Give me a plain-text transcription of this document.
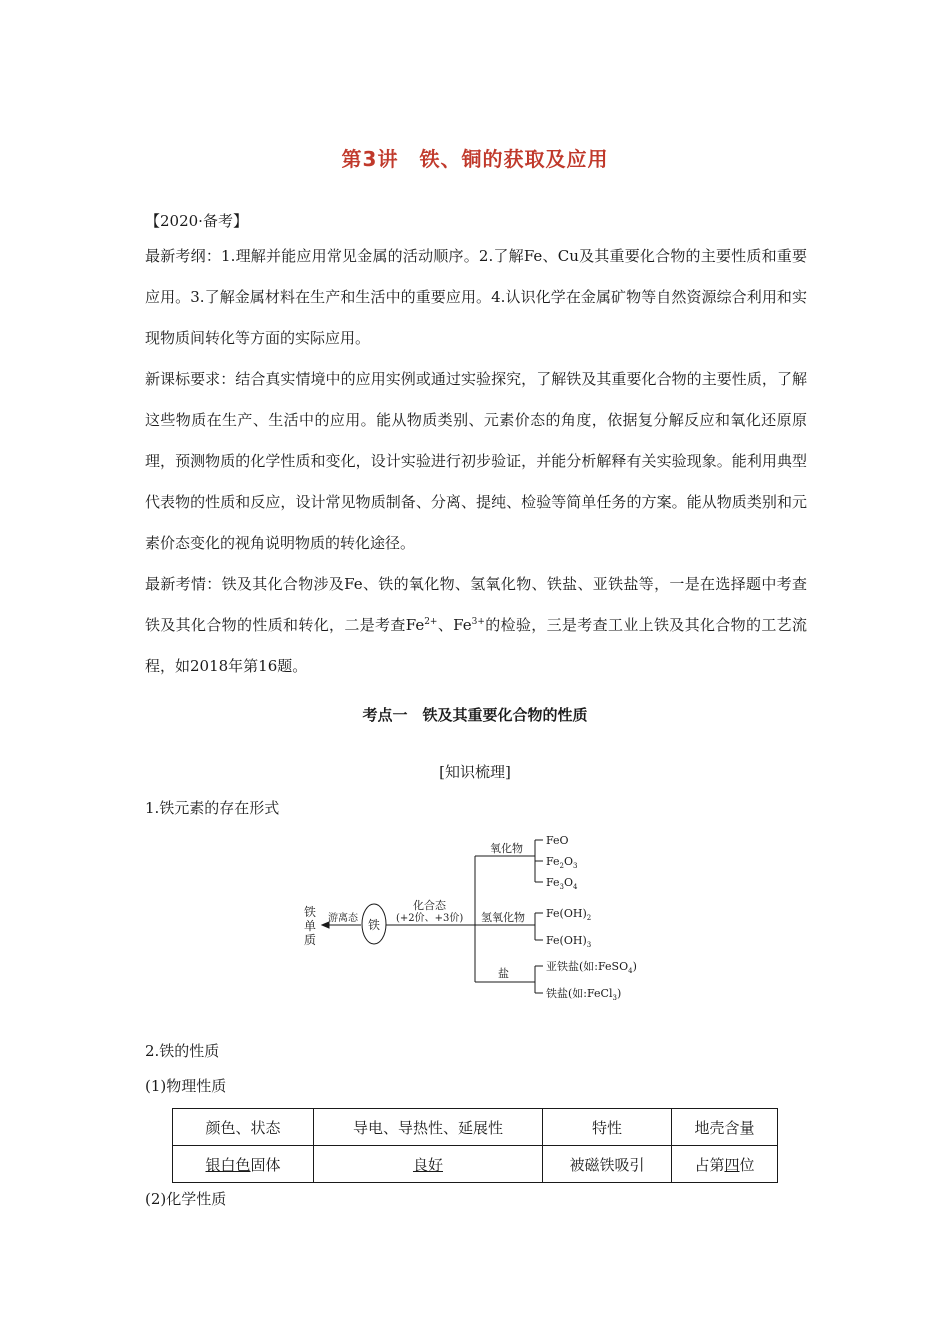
第3讲　铁、铜的获取及应用
【2020·备考】

最新考纲：1.理解并能应用常见金属的活动顺序。2.了解Fe、Cu及其重要化合物的主要性质和重要应用。3.了解金属材料在生产和生活中的重要应用。4.认识化学在金属矿物等自然资源综合利用和实现物质间转化等方面的实际应用。

新课标要求：结合真实情境中的应用实例或通过实验探究，了解铁及其重要化合物的主要性质，了解这些物质在生产、生活中的应用。能从物质类别、元素价态的角度，依据复分解反应和氧化还原原理，预测物质的化学性质和变化，设计实验进行初步验证，并能分析解释有关实验现象。能利用典型代表物的性质和反应，设计常见物质制备、分离、提纯、检验等简单任务的方案。能从物质类别和元素价态变化的视角说明物质的转化途径。

最新考情：铁及其化合物涉及Fe、铁的氧化物、氢氧化物、铁盐、亚铁盐等，一是在选择题中考查铁及其化合物的性质和转化，二是考查$Fe^{2+}$、$Fe^{3+}$的检验，三是考查工业上铁及其化合物的工艺流程，如2018年第16题。

考点一　铁及其重要化合物的性质
[知识梳理]
1.铁元素的存在形式
铁
单
质
游离态 铁
化合态
(+2价、+3价)
氧化物
氢氧化物
盐
FeO
$Fe_2O_3$
$Fe_3O_4$
$Fe(OH)_2$
$Fe(OH)_3$
亚铁盐(如:FeSO$_4$)
铁盐(如:FeCl$_3$)
2.铁的性质
(1)物理性质
颜色、状态	导电、导热性、延展性	特性	地壳含量
银白色固体	良好	被磁铁吸引	占第四位
(2)化学性质
